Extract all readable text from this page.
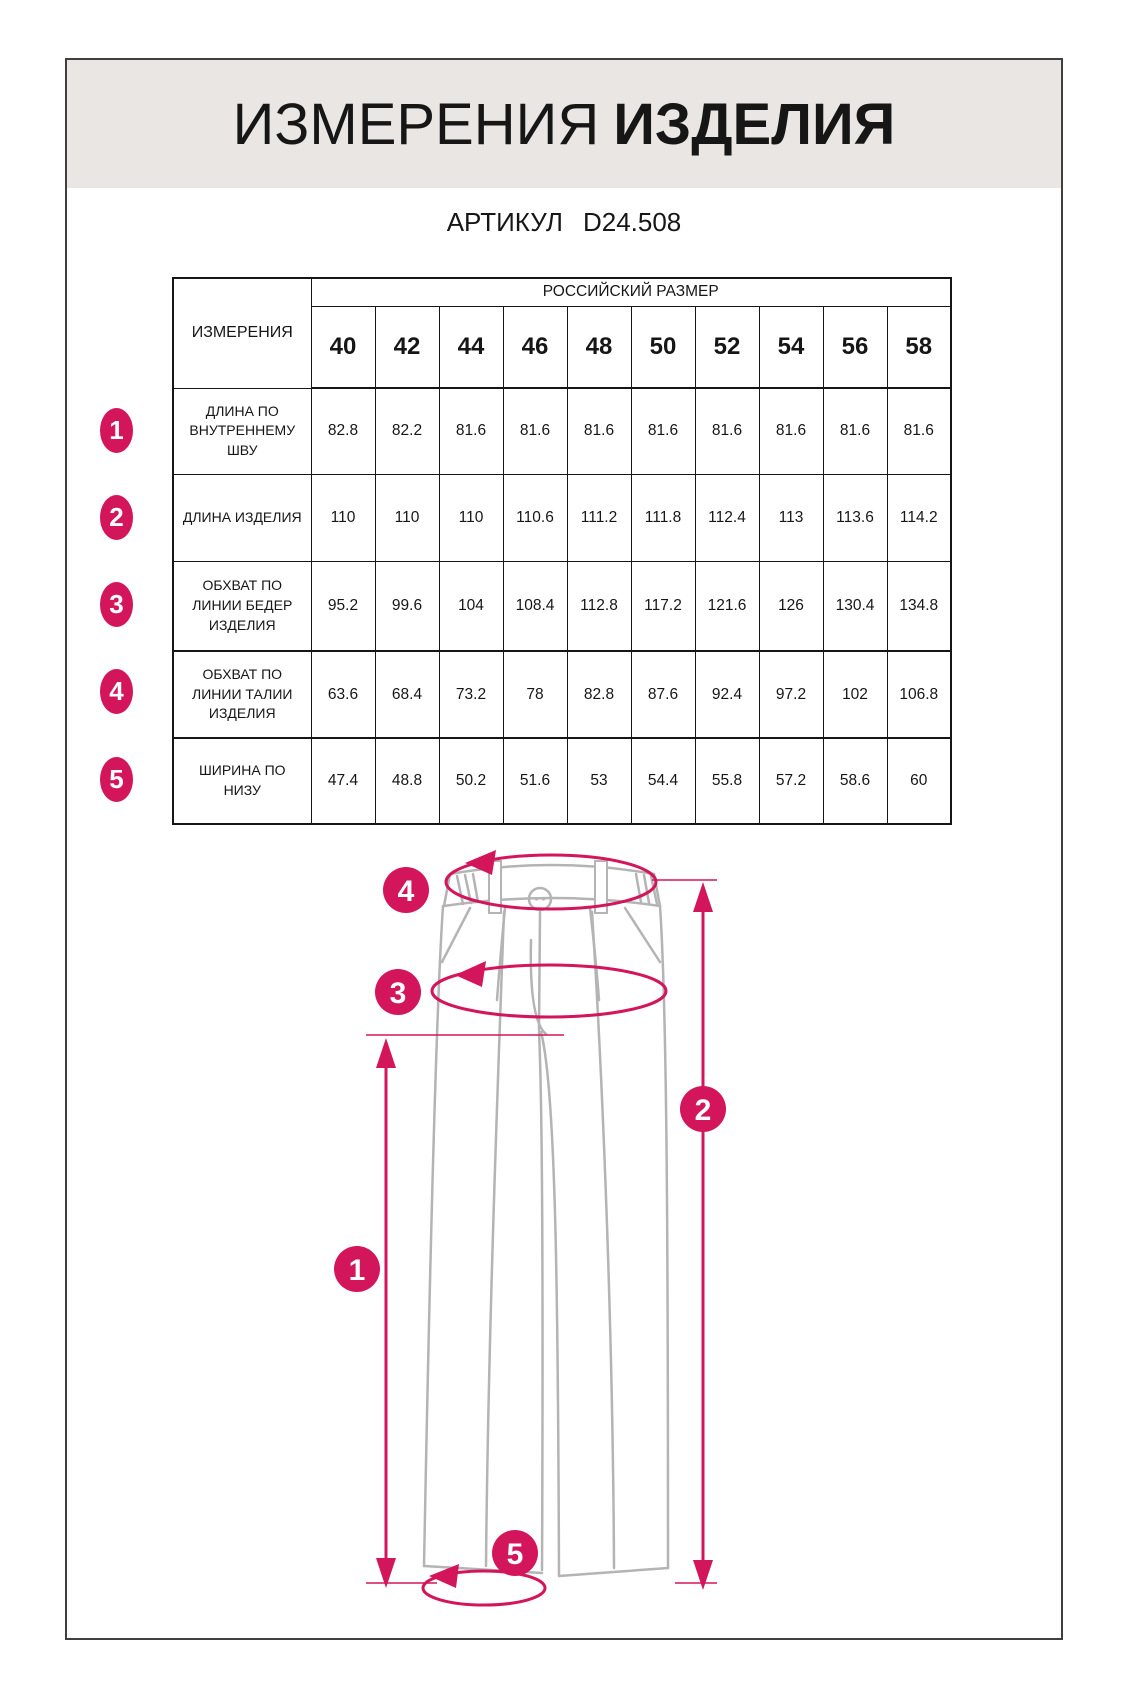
ИЗМЕРЕНИЯ ИЗДЕЛИЯ
АРТИКУЛ D24.508
1
2
3
4
5
ИЗМЕРЕНИЯ	РОССИЙСКИЙ РАЗМЕР									
	40	42	44	46	48	50	52	54	56	58
ДЛИНА ПО ВНУТРЕННЕМУ ШВУ	82.8	82.2	81.6	81.6	81.6	81.6	81.6	81.6	81.6	81.6
ДЛИНА ИЗДЕЛИЯ	110	110	110	110.6	111.2	111.8	112.4	113	113.6	114.2
ОБХВАТ ПО ЛИНИИ БЕДЕР ИЗДЕЛИЯ	95.2	99.6	104	108.4	112.8	117.2	121.6	126	130.4	134.8
ОБХВАТ ПО ЛИНИИ ТАЛИИ ИЗДЕЛИЯ	63.6	68.4	73.2	78	82.8	87.6	92.4	97.2	102	106.8
ШИРИНА ПО НИЗУ	47.4	48.8	50.2	51.6	53	54.4	55.8	57.2	58.6	60
4
3
2
1
5
